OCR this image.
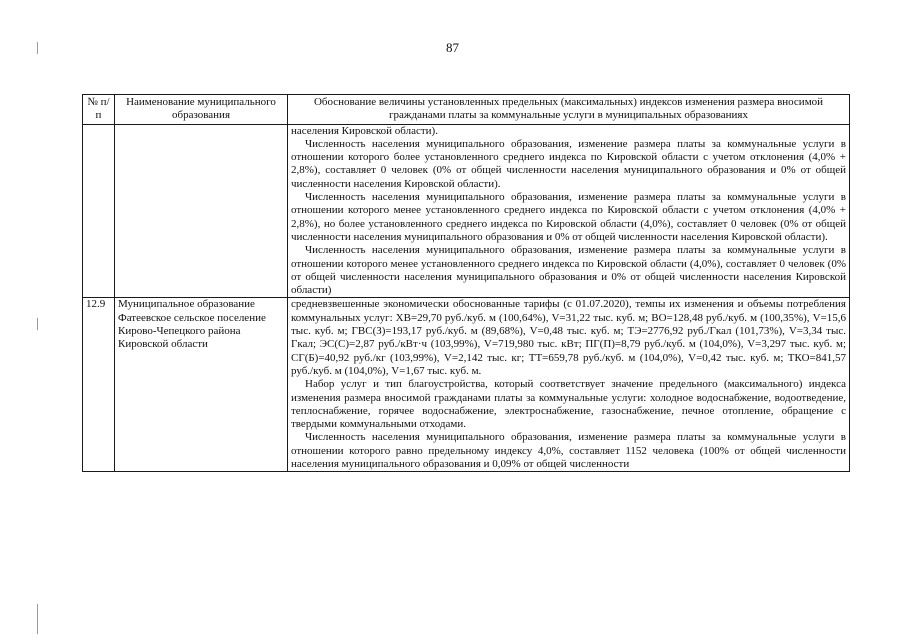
87
№ п/п	Наименование муниципального образования	Обоснование величины установленных предельных (максимальных) индексов изменения размера вносимой гражданами платы за коммунальные услуги в муниципальных образованиях

		населения Кировской области).
Численность населения муниципального образования, изменение размера платы за коммунальные услуги в отношении которого более установленного среднего индекса по Кировской области с учетом отклонения (4,0% + 2,8%), составляет 0 человек (0% от общей численности населения муниципального образования и 0% от общей численности населения Кировской области).
Численность населения муниципального образования, изменение размера платы за коммунальные услуги в отношении которого менее установленного среднего индекса по Кировской области с учетом отклонения (4,0% + 2,8%), но более установленного среднего индекса по Кировской области (4,0%), составляет 0 человек (0% от общей численности населения муниципального образования и 0% от общей численности населения Кировской области).
Численность населения муниципального образования, изменение размера платы за коммунальные услуги в отношении которого менее установленного среднего индекса по Кировской области (4,0%), составляет 0 человек (0% от общей численности населения муниципального образования и 0% от общей численности населения Кировской области)

12.9	Муниципальное образование Фатеевское сельское поселение Кирово-Чепецкого района Кировской области	средневзвешенные экономически обоснованные тарифы (с 01.07.2020), темпы их изменения и объемы потребления коммунальных услуг: ХВ=29,70 руб./куб. м (100,64%), V=31,22 тыс. куб. м; ВО=128,48 руб./куб. м (100,35%), V=15,6 тыс. куб. м; ГВС(З)=193,17 руб./куб. м (89,68%), V=0,48 тыс. куб. м; ТЭ=2776,92 руб./Гкал (101,73%), V=3,34 тыс. Гкал; ЭС(С)=2,87 руб./кВт·ч (103,99%), V=719,980 тыс. кВт; ПГ(П)=8,79 руб./куб. м (104,0%), V=3,297 тыс. куб. м; СГ(Б)=40,92 руб./кг (103,99%), V=2,142 тыс. кг; ТТ=659,78 руб./куб. м (104,0%), V=0,42 тыс. куб. м; ТКО=841,57 руб./куб. м (104,0%), V=1,67 тыс. куб. м.
Набор услуг и тип благоустройства, который соответствует значение предельного (максимального) индекса изменения размера вносимой гражданами платы за коммунальные услуги: холодное водоснабжение, водоотведение, теплоснабжение, горячее водоснабжение, электроснабжение, газоснабжение, печное отопление, обращение с твердыми коммунальными отходами.
Численность населения муниципального образования, изменение размера платы за коммунальные услуги в отношении которого равно предельному индексу 4,0%, составляет 1152 человека (100% от общей численности населения муниципального образования и 0,09% от общей численности
